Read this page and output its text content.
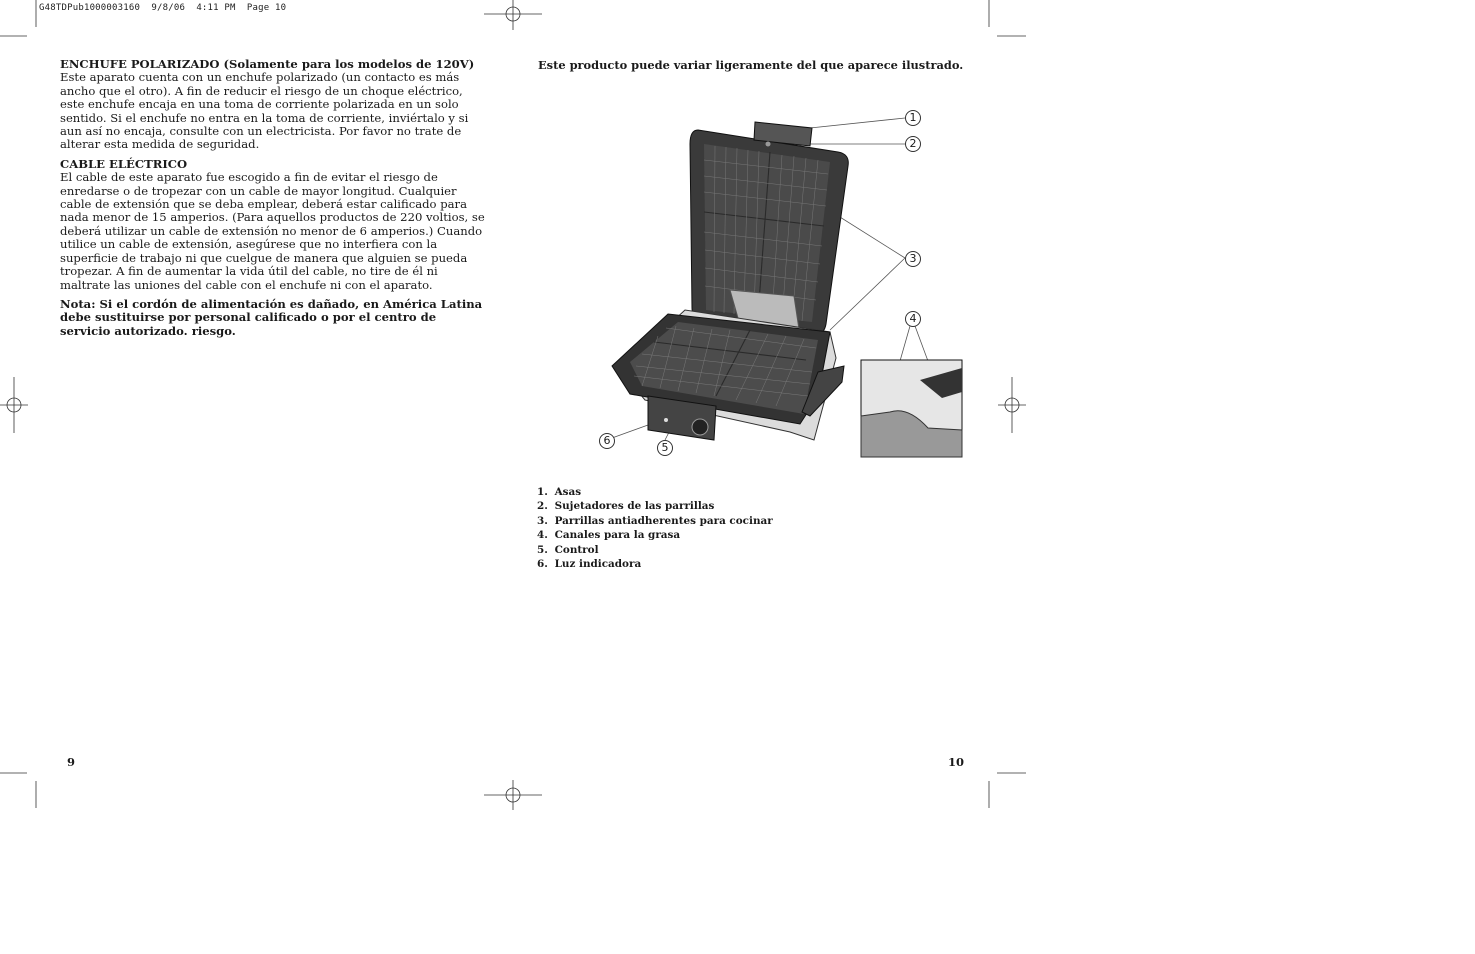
G48TDPub1000003160  9/8/06  4:11 PM  Page 10

ENCHUFE POLARIZADO (Solamente para los modelos de 120V)
Este aparato cuenta con un enchufe polarizado (un contacto es más ancho que el otro). A fin de reducir el riesgo de un choque eléctrico, este enchufe encaja en una toma de corriente polarizada en un solo sentido. Si el enchufe no entra en la toma de corriente, inviértalo y si aun así no encaja, consulte con un electricista. Por favor no trate de alterar esta medida de seguridad.

CABLE ELÉCTRICO
El cable de este aparato fue escogido a fin de evitar el riesgo de enredarse o de tropezar con un cable de mayor longitud. Cualquier cable de extensión que se deba emplear, deberá estar calificado para nada menor de 15 amperios. (Para aquellos productos de 220 voltios, se deberá utilizar un cable de extensión no menor de 6 amperios.) Cuando utilice un cable de extensión, asegúrese que no interfiera con la superficie de trabajo ni que cuelgue de manera que alguien se pueda tropezar. A fin de aumentar la vida útil del cable, no tire de él ni maltrate las uniones del cable con el enchufe ni con el aparato.

Nota: Si el cordón de alimentación es dañado, en América Latina debe sustituirse por personal calificado o por el centro de servicio autorizado. riesgo.

Este producto puede variar ligeramente del que aparece ilustrado.
1
2
3
4
5
6
1. Asas
2. Sujetadores de las parrillas
3. Parrillas antiadherentes para cocinar
4. Canales para la grasa
5. Control
6. Luz indicadora
9	10
